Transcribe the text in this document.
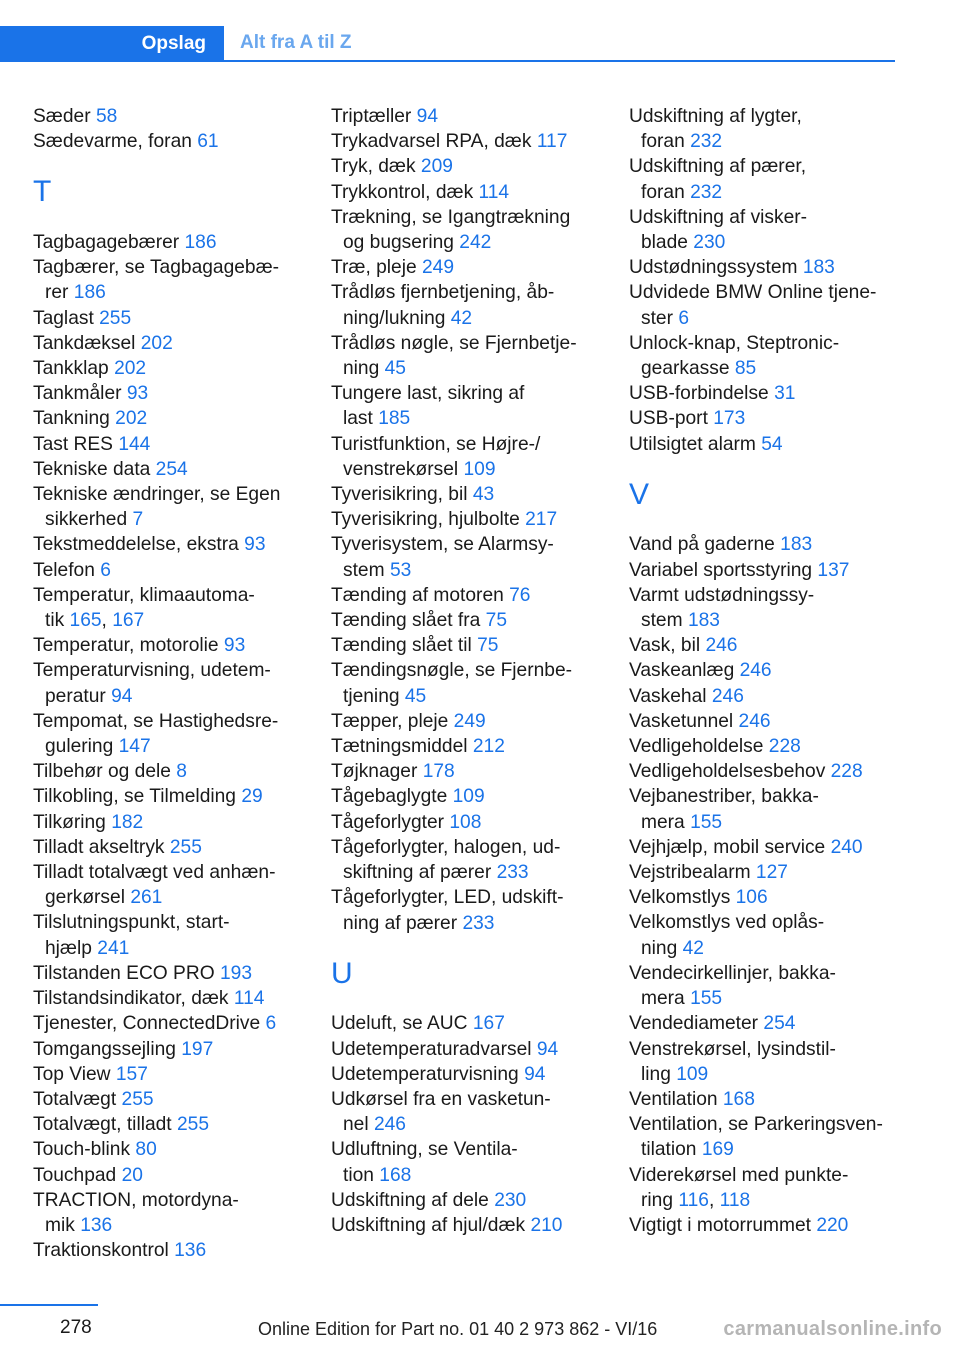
Opslag	Alt fra A til Z

Sæder 58

Sædevarme, foran 61

T

Tagbagagebærer 186

Tagbærer, se Tagbagagebæ-
rer 186

Taglast 255

Tankdæksel 202

Tankklap 202

Tankmåler 93

Tankning 202

Tast RES 144

Tekniske data 254

Tekniske ændringer, se Egen
sikkerhed 7

Tekstmeddelelse, ekstra 93

Telefon 6

Temperatur, klimaautoma-
tik 165, 167

Temperatur, motorolie 93

Temperaturvisning, udetem-
peratur 94

Tempomat, se Hastighedsre-
gulering 147

Tilbehør og dele 8

Tilkobling, se Tilmelding 29

Tilkøring 182

Tilladt akseltryk 255

Tilladt totalvægt ved anhæn-
gerkørsel 261

Tilslutningspunkt, start-
hjælp 241

Tilstanden ECO PRO 193

Tilstandsindikator, dæk 114

Tjenester, ConnectedDrive 6

Tomgangssejling 197

Top View 157

Totalvægt 255

Totalvægt, tilladt 255

Touch-blink 80

Touchpad 20

TRACTION, motordyna-
mik 136

Traktionskontrol 136

Triptæller 94

Trykadvarsel RPA, dæk 117

Tryk, dæk 209

Trykkontrol, dæk 114

Trækning, se Igangtrækning
og bugsering 242

Træ, pleje 249

Trådløs fjernbetjening, åb-
ning/lukning 42

Trådløs nøgle, se Fjernbetje-
ning 45

Tungere last, sikring af
last 185

Turistfunktion, se Højre-/
venstrekørsel 109

Tyverisikring, bil 43

Tyverisikring, hjulbolte 217

Tyverisystem, se Alarmsy-
stem 53

Tænding af motoren 76

Tænding slået fra 75

Tænding slået til 75

Tændingsnøgle, se Fjernbe-
tjening 45

Tæpper, pleje 249

Tætningsmiddel 212

Tøjknager 178

Tågebaglygte 109

Tågeforlygter 108

Tågeforlygter, halogen, ud-
skiftning af pærer 233

Tågeforlygter, LED, udskift-
ning af pærer 233

U

Udeluft, se AUC 167

Udetemperaturadvarsel 94

Udetemperaturvisning 94

Udkørsel fra en vasketun-
nel 246

Udluftning, se Ventila-
tion 168

Udskiftning af dele 230

Udskiftning af hjul/dæk 210

Udskiftning af lygter,
foran 232

Udskiftning af pærer,
foran 232

Udskiftning af visker-
blade 230

Udstødningssystem 183

Udvidede BMW Online tjene-
ster 6

Unlock-knap, Steptronic-
gearkasse 85

USB-forbindelse 31

USB-port 173

Utilsigtet alarm 54

V

Vand på gaderne 183

Variabel sportsstyring 137

Varmt udstødningssy-
stem 183

Vask, bil 246

Vaskeanlæg 246

Vaskehal 246

Vasketunnel 246

Vedligeholdelse 228

Vedligeholdelsesbehov 228

Vejbanestriber, bakka-
mera 155

Vejhjælp, mobil service 240

Vejstribealarm 127

Velkomstlys 106

Velkomstlys ved oplås-
ning 42

Vendecirkellinjer, bakka-
mera 155

Vendediameter 254

Venstrekørsel, lysindstil-
ling 109

Ventilation 168

Ventilation, se Parkeringsven-
tilation 169

Viderekørsel med punkte-
ring 116, 118

Vigtigt i motorrummet 220

278	Online Edition for Part no. 01 40 2 973 862 - VI/16	carmanualsonline.info
